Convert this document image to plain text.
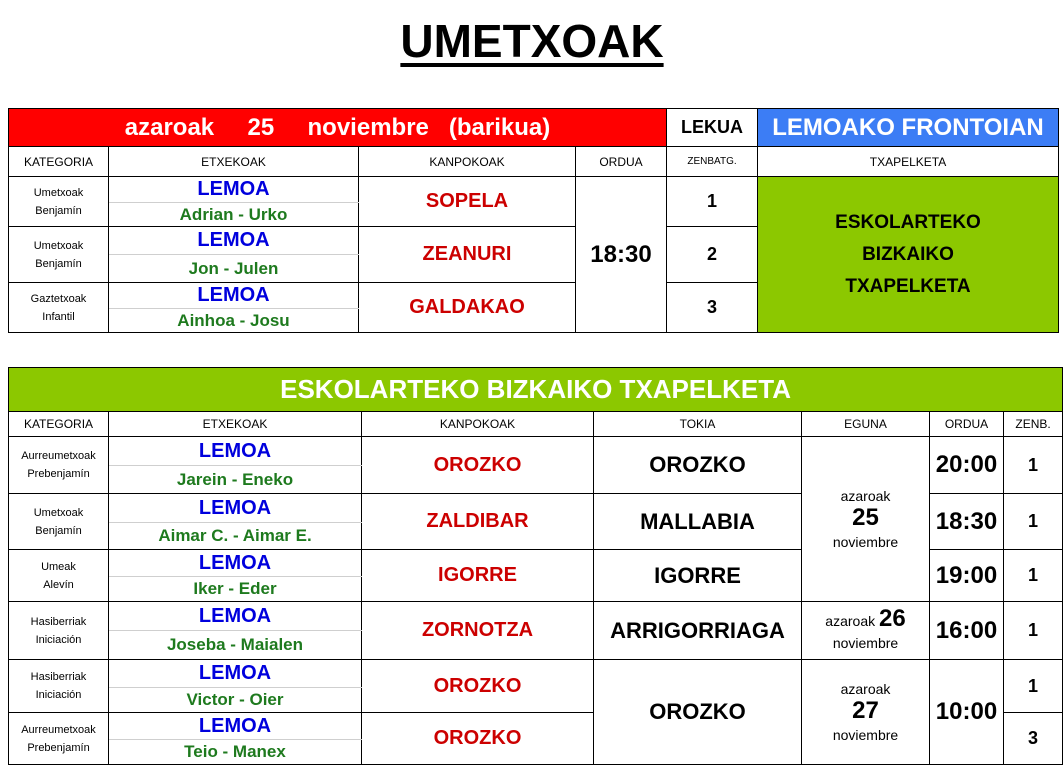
UMETXOAK
azaroak     25     noviembre   (barikua)				LEKUA	LEMOAKO FRONTOIAN
KATEGORIA	ETXEKOAK	KANPOKOAK	ORDUA	ZENBATG.	TXAPELKETA
Umetxoak
Benjamín	LEMOA	SOPELA	18:30	1	ESKOLARTEKO
BIZKAIKO
TXAPELKETA
	Adrian - Urko				
Umetxoak
Benjamín	LEMOA	ZEANURI		2	
	Jon - Julen				
Gaztetxoak
Infantil	LEMOA	GALDAKAO		3	
	Ainhoa - Josu				
ESKOLARTEKO BIZKAIKO TXAPELKETA						
KATEGORIA	ETXEKOAK	KANPOKOAK	TOKIA	EGUNA	ORDUA	ZENB.
Aurreumetxoak
Prebenjamín	LEMOA	OROZKO	OROZKO	azaroak
25
noviembre	20:00	1
	Jarein - Eneko					
Umetxoak
Benjamín	LEMOA	ZALDIBAR	MALLABIA		18:30	1
	Aimar C. - Aimar E.					
Umeak
Alevín	LEMOA	IGORRE	IGORRE		19:00	1
	Iker - Eder					
Hasiberriak
Iniciación	LEMOA	ZORNOTZA	ARRIGORRIAGA	azaroak 26
noviembre	16:00	1
	Joseba - Maialen					
Hasiberriak
Iniciación	LEMOA	OROZKO	OROZKO	azaroak
27
noviembre	10:00	1
	Victor - Oier					
Aurreumetxoak
Prebenjamín	LEMOA	OROZKO				3
	Teio - Manex					
